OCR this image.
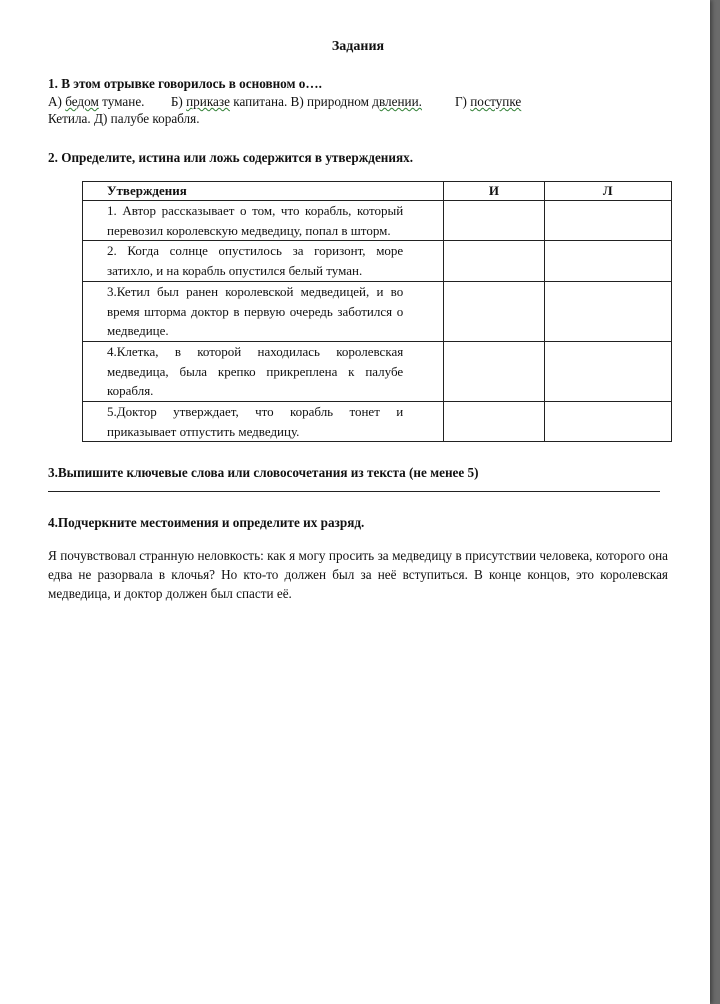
Задания
1. В этом отрывке говорилось в основном о….
А) бедом тумане. Б) приказе капитана. В) природном двлении. Г) поступке
Кетила. Д) палубе корабля.
2. Определите, истина или ложь содержится в утверждениях.
Утверждения	И	Л
1. Автор рассказывает о том, что корабль, который перевозил королевскую медведицу, попал в шторм.		
2. Когда солнце опустилось за горизонт, море затихло, и на корабль опустился белый туман.		
3.Кетил был ранен королевской медведицей, и во время шторма доктор в первую очередь заботился о медведице.		
4.Клетка, в которой находилась королевская медведица, была крепко прикреплена к палубе корабля.		
5.Доктор утверждает, что корабль тонет и приказывает отпустить медведицу.		
3.Выпишите ключевые слова или словосочетания из текста (не менее 5)
4.Подчеркните местоимения и определите их разряд.
Я почувствовал странную неловкость: как я могу просить за медведицу в присутствии человека, которого она едва не разорвала в клочья? Но кто-то должен был за неё вступиться. В конце концов, это королевская медведица, и доктор должен был спасти её.
